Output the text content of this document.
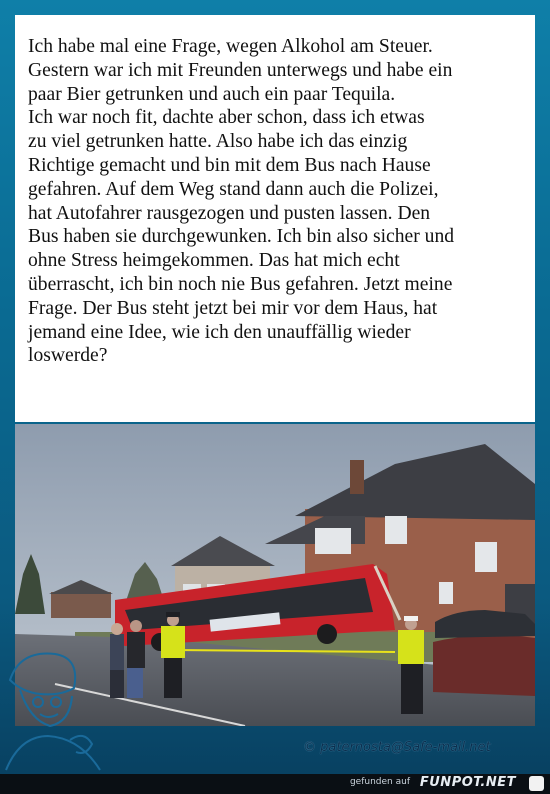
Ich habe mal eine Frage, wegen Alkohol am Steuer.

Gestern war ich mit Freunden unterwegs und habe ein

paar Bier getrunken und auch ein paar Tequila.

Ich war noch fit, dachte aber schon, dass ich etwas

zu viel getrunken hatte. Also habe ich das einzig

Richtige gemacht und bin mit dem Bus nach Hause

gefahren. Auf dem Weg stand dann auch die Polizei,

hat Autofahrer rausgezogen und pusten lassen. Den

Bus haben sie durchgewunken. Ich bin also sicher und

ohne Stress heimgekommen. Das hat mich echt

überrascht, ich bin noch nie Bus gefahren. Jetzt meine

Frage. Der Bus steht jetzt bei mir vor dem Haus, hat

jemand eine Idee, wie ich den unauffällig wieder

loswerde?

© paternosta@Safe-mail.net
gefunden auf FUNPOT.NET
